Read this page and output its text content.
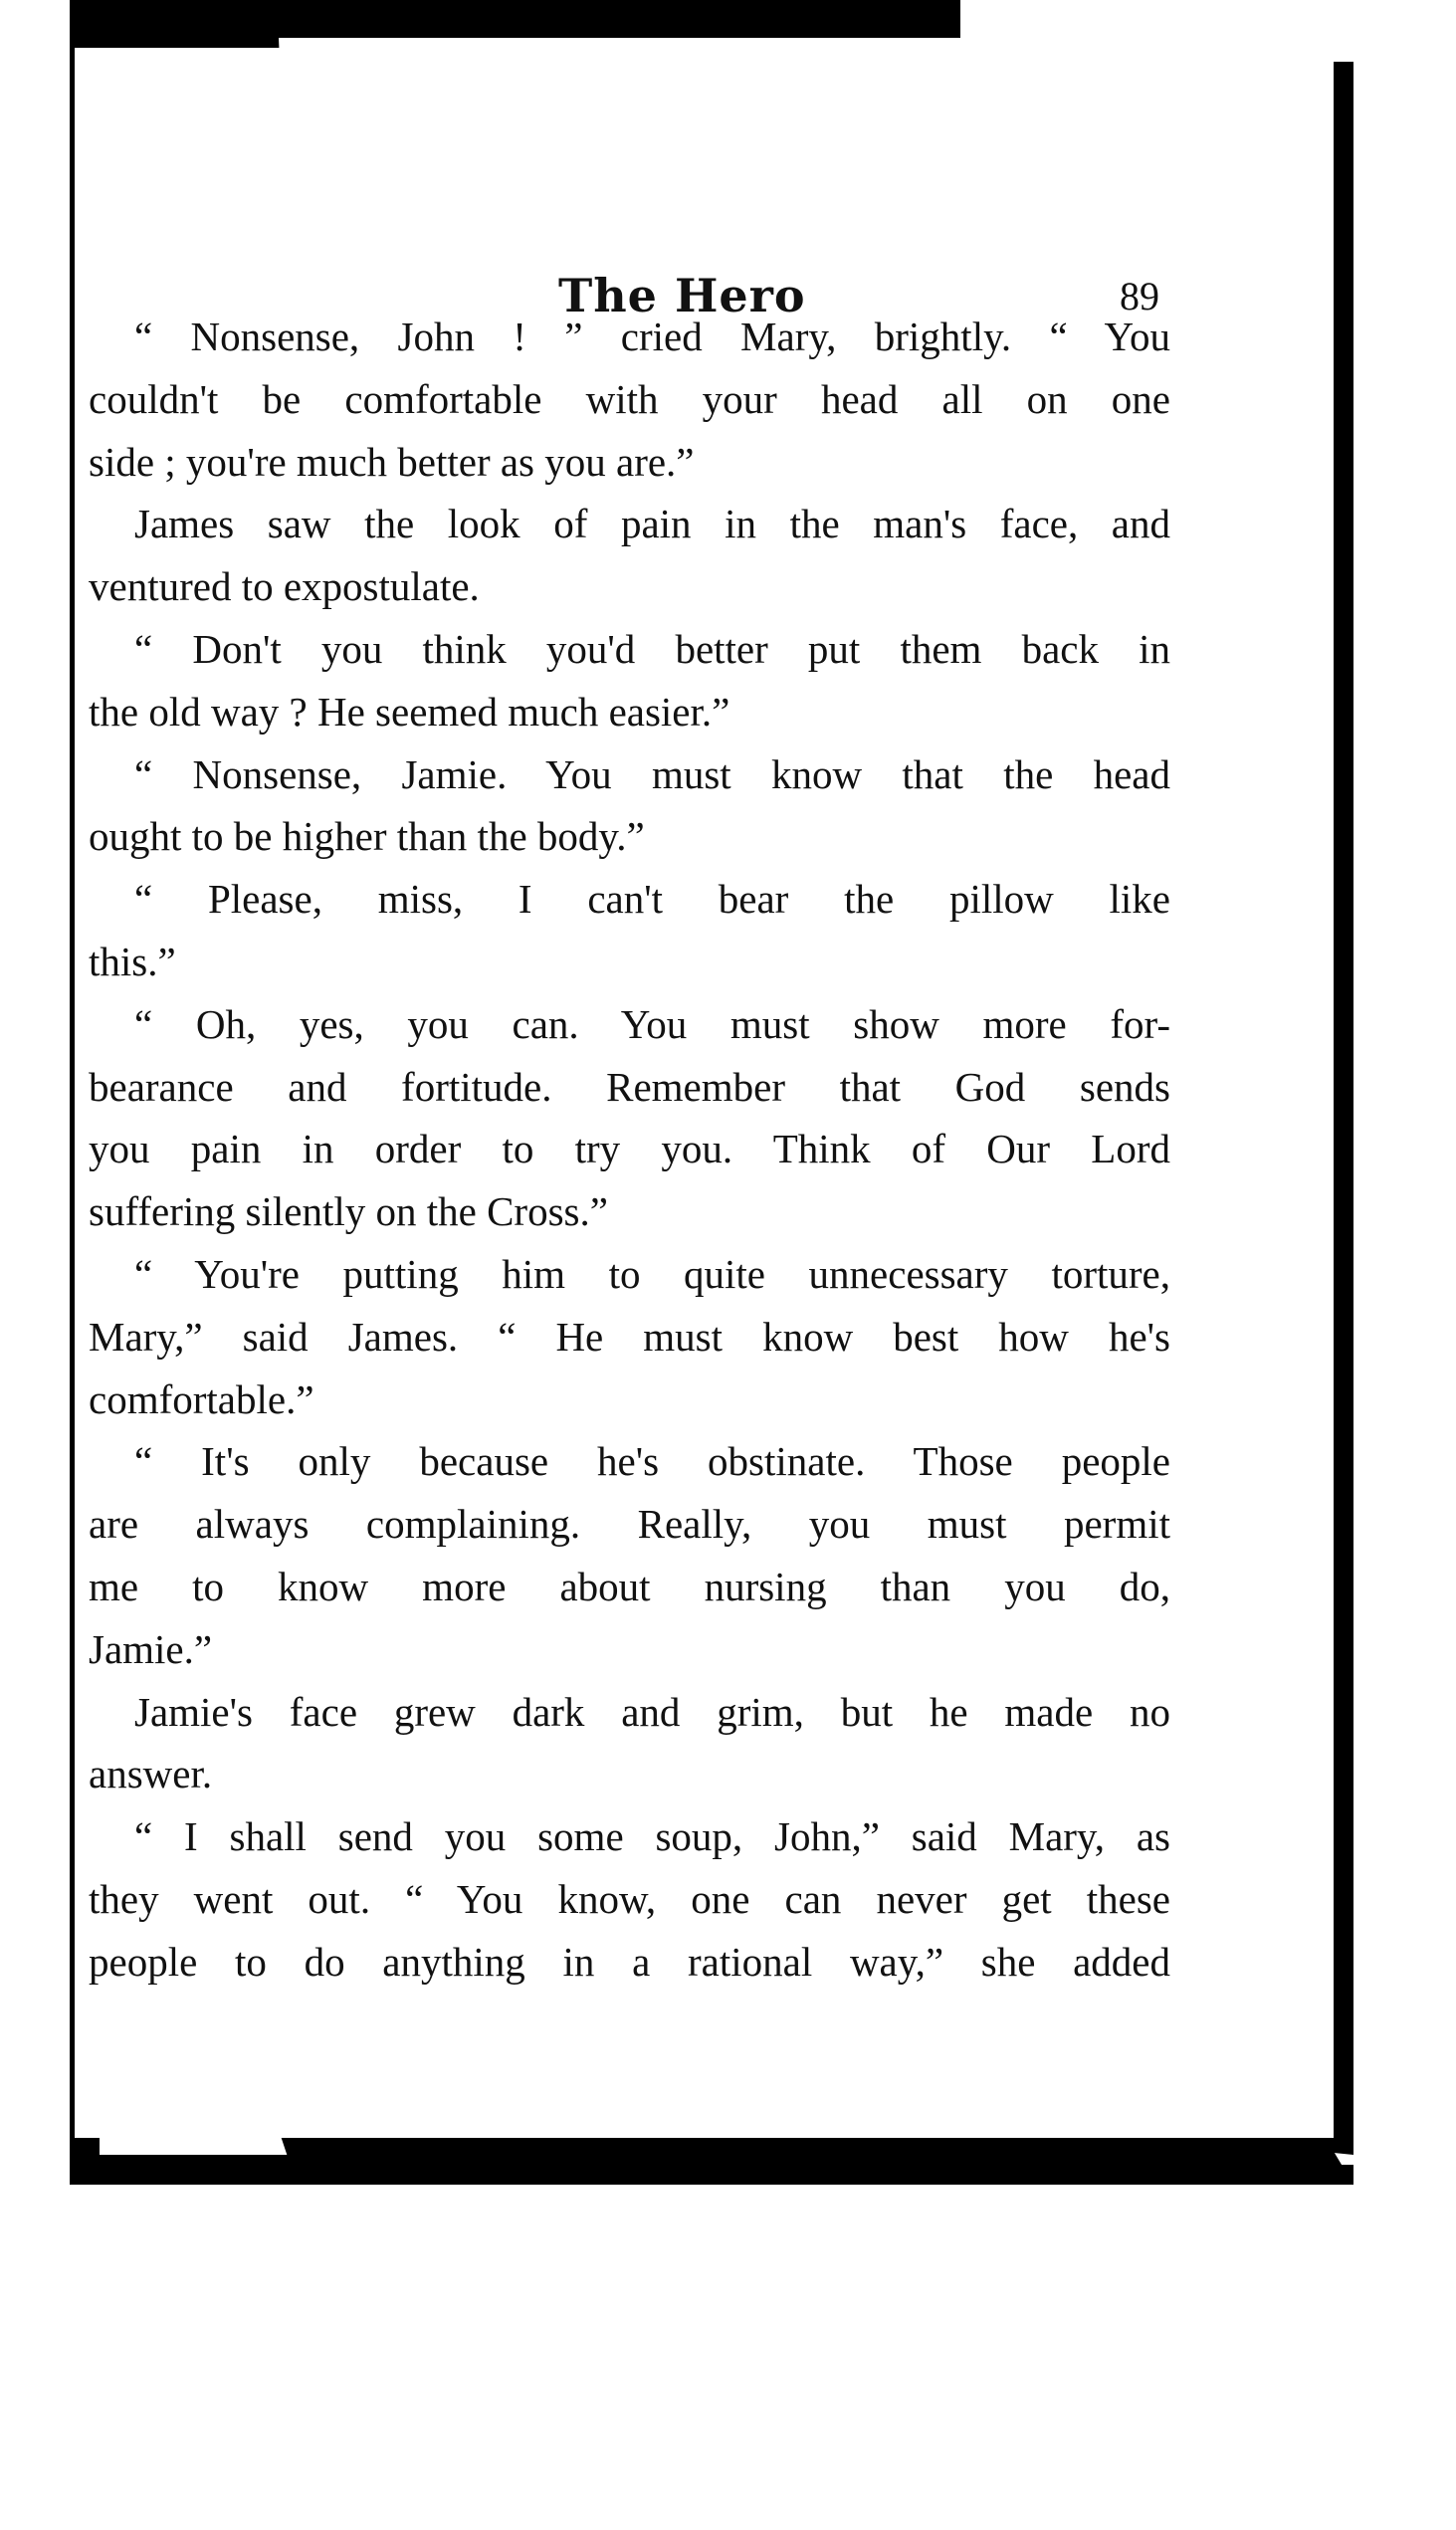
The Hero	89

“ Nonsense, John ! ” cried Mary, brightly. “ You
couldn't be comfortable with your head all on one
side ; you're much better as you are.”

James saw the look of pain in the man's face, and
ventured to expostulate.

“ Don't you think you'd better put them back in
the old way ? He seemed much easier.”

“ Nonsense, Jamie. You must know that the head
ought to be higher than the body.”

“ Please, miss, I can't bear the pillow like
this.”

“ Oh, yes, you can. You must show more for-
bearance and fortitude. Remember that God sends
you pain in order to try you. Think of Our Lord
suffering silently on the Cross.”

“ You're putting him to quite unnecessary torture,
Mary,” said James. “ He must know best how he's
comfortable.”

“ It's only because he's obstinate. Those people
are always complaining. Really, you must permit
me to know more about nursing than you do,
Jamie.”

Jamie's face grew dark and grim, but he made no
answer.

“ I shall send you some soup, John,” said Mary, as
they went out. “ You know, one can never get these
people to do anything in a rational way,” she added
